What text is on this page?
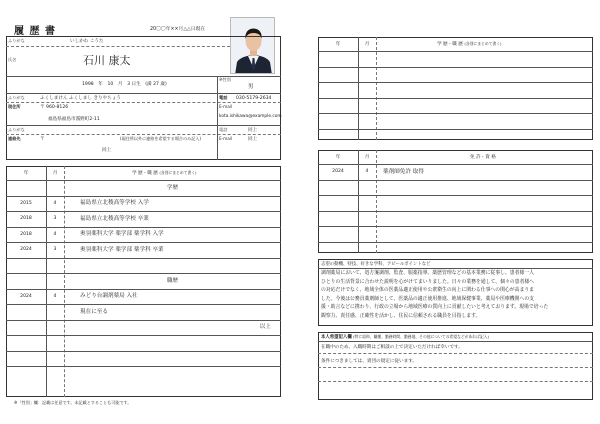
履 歴 書	20〇〇年××月△△日現在
ふりがな	いしかわ こうた
氏名	石川 康太
1998　年　10　月　3 日生　(満 27 歳)
※性別
男
ふりがな	ふくしまけん ふくしまし きりやちょう	電話 030-5179-2634
現住所	〒 960-8126
福島県福島市霧野町2-11
E-mail
kota.ishikawa@example.com
ふりがな	電話	同上
連絡先	〒	(現住所以外に連絡を希望する場合のみ記入)
同上
E-mail	同上
年	月	学 歴・職 歴 (各別にまとめて書く)
学歴
2015	4	福島県立北稜高等学校 入学
2018	3	福島県立北稜高等学校 卒業
2018	4	奥羽薬科大学 薬学部 薬学科 入学
2024	3	奥羽薬科大学 薬学部 薬学科 卒業
職歴
2024	4	みどり台調剤薬局 入社
現在に至る
以上
※「性別」欄：記載は任意です。未記載とすることも可能です。
年	月	学 歴・職 歴 (各別にまとめて書く)
年	月	免 許・資 格
2024	4	薬剤師免許 取得
志望の動機、特技、好きな学科、アピールポイントなど
調剤薬局において、処方箋調剤、監査、服薬指導、薬歴管理などの基本業務に従事し、患者様一人
ひとりの生活背景に合わせた説明を心がけてまいりました。日々の業務を通して、個々の患者様へ
の対応だけでなく、地域全体の医薬品適正使用や公衆衛生の向上に関わる仕事への関心が高まりま
した。今後は公務員薬剤師として、医薬品の適正使用推進、地域保健事業、薬局や医療機関への支
援・助言などに携わり、行政の立場から地域医療の質向上に貢献したいと考えております。現場で培った
観察力、責任感、正確性を活かし、住民に信頼される職員を目指します。
本人希望記入欄 (特に給料、職種、勤務時間、勤務地、その他についての希望などがあれば記入)
在職中のため、入職時期はご相談の上で決定いただければ幸いです。
条件につきましては、貴団の規定に従います。
